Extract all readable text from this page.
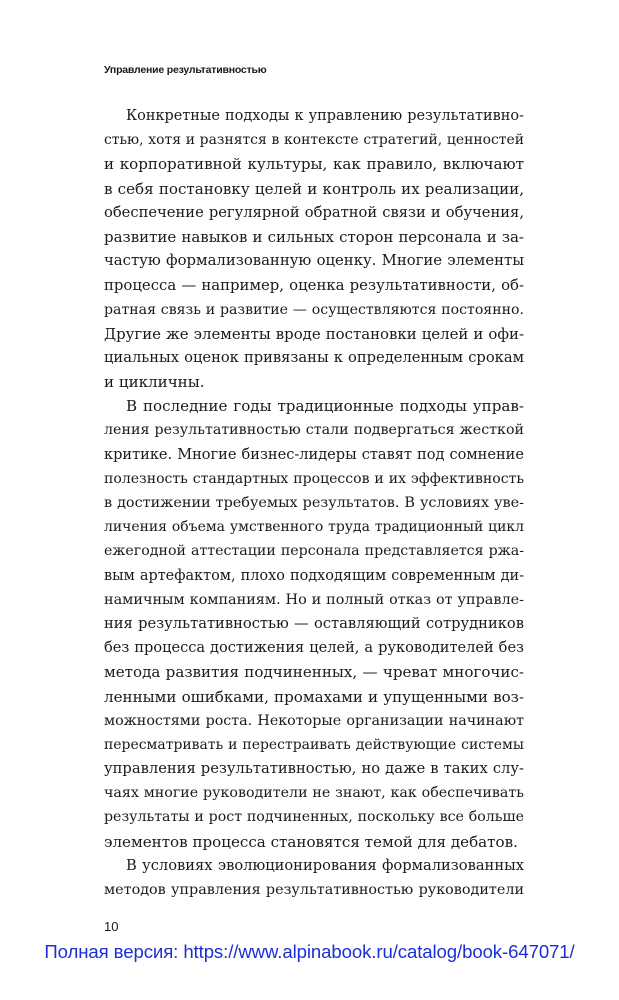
Управление результативностью
Конкретные подходы к управлению результативно-
стью, хотя и разнятся в контексте стратегий, ценностей
и корпоративной культуры, как правило, включают
в себя постановку целей и контроль их реализации,
обеспечение регулярной обратной связи и обучения,
развитие навыков и сильных сторон персонала и за-
частую формализованную оценку. Многие элементы
процесса — например, оценка результативности, об-
ратная связь и развитие — осуществляются постоянно.
Другие же элементы вроде постановки целей и офи-
циальных оценок привязаны к определенным срокам
и цикличны.
В последние годы традиционные подходы управ-
ления результативностью стали подвергаться жесткой
критике. Многие бизнес-лидеры ставят под сомнение
полезность стандартных процессов и их эффективность
в достижении требуемых результатов. В условиях уве-
личения объема умственного труда традиционный цикл
ежегодной аттестации персонала представляется ржа-
вым артефактом, плохо подходящим современным ди-
намичным компаниям. Но и полный отказ от управле-
ния результативностью — оставляющий сотрудников
без процесса достижения целей, а руководителей без
метода развития подчиненных, — чреват многочис-
ленными ошибками, промахами и упущенными воз-
можностями роста. Некоторые организации начинают
пересматривать и перестраивать действующие системы
управления результативностью, но даже в таких слу-
чаях многие руководители не знают, как обеспечивать
результаты и рост подчиненных, поскольку все больше
элементов процесса становятся темой для дебатов.
В условиях эволюционирования формализованных
методов управления результативностью руководители
10
Полная версия: https://www.alpinabook.ru/catalog/book-647071/
